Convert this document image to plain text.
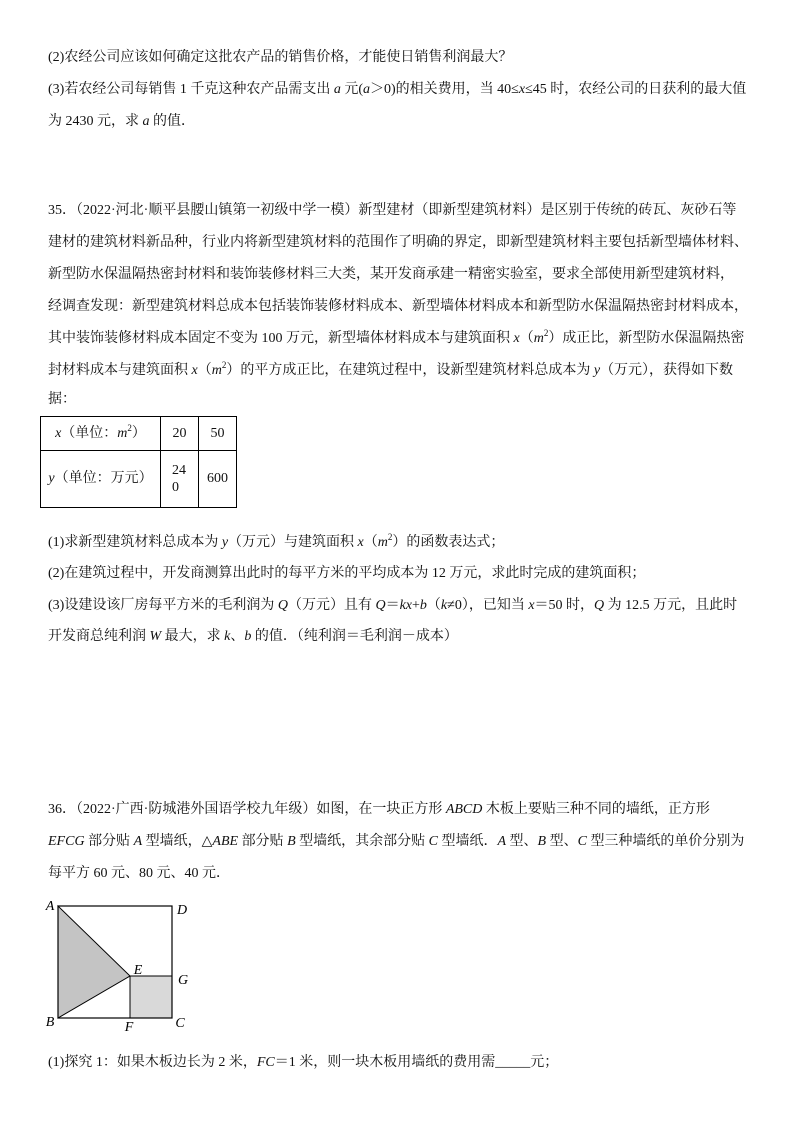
(2)农经公司应该如何确定这批农产品的销售价格，才能使日销售利润最大？
(3)若农经公司每销售 1 千克这种农产品需支出 a 元(a＞0)的相关费用，当 40≤x≤45 时，农经公司的日获利的最大值
为 2430 元，求 a 的值．
35．（2022·河北·顺平县腰山镇第一初级中学一模）新型建材（即新型建筑材料）是区别于传统的砖瓦、灰砂石等
建材的建筑材料新品种，行业内将新型建筑材料的范围作了明确的界定，即新型建筑材料主要包括新型墙体材料、
新型防水保温隔热密封材料和装饰装修材料三大类，某开发商承建一精密实验室，要求全部使用新型建筑材料，
经调查发现：新型建筑材料总成本包括装饰装修材料成本、新型墙体材料成本和新型防水保温隔热密封材料成本，
其中装饰装修材料成本固定不变为 100 万元，新型墙体材料成本与建筑面积 $x(m^2)$成正比，新型防水保温隔热密
封材料成本与建筑面积 $x(m^2)$的平方成正比，在建筑过程中，设新型建筑材料总成本为 y（万元），获得如下数
据：
x（单位：$m^2$）	20	50
y（单位：万元）	240	600
(1)求新型建筑材料总成本为 y（万元）与建筑面积 $x(m^2)$的函数表达式；
(2)在建筑过程中，开发商测算出此时的每平方米的平均成本为 12 万元，求此时完成的建筑面积；
(3)设建设该厂房每平方米的毛利润为 Q（万元）且有 Q＝kx+b（k≠0），已知当 x＝50 时，Q 为 12.5 万元，且此时
开发商总纯利润 W 最大，求 k、b 的值．（纯利润＝毛利润－成本）
36．（2022·广西·防城港外国语学校九年级）如图，在一块正方形 ABCD 木板上要贴三种不同的墙纸，正方形
EFCG 部分贴 A 型墙纸，△ABE 部分贴 B 型墙纸，其余部分贴 C 型墙纸．A 型、B 型、C 型三种墙纸的单价分别为
每平方 60 元、80 元、40 元．
A	D
E
G
B	F	C
(1)探究 1：如果木板边长为 2 米，FC＝1 米，则一块木板用墙纸的费用需_____元；
